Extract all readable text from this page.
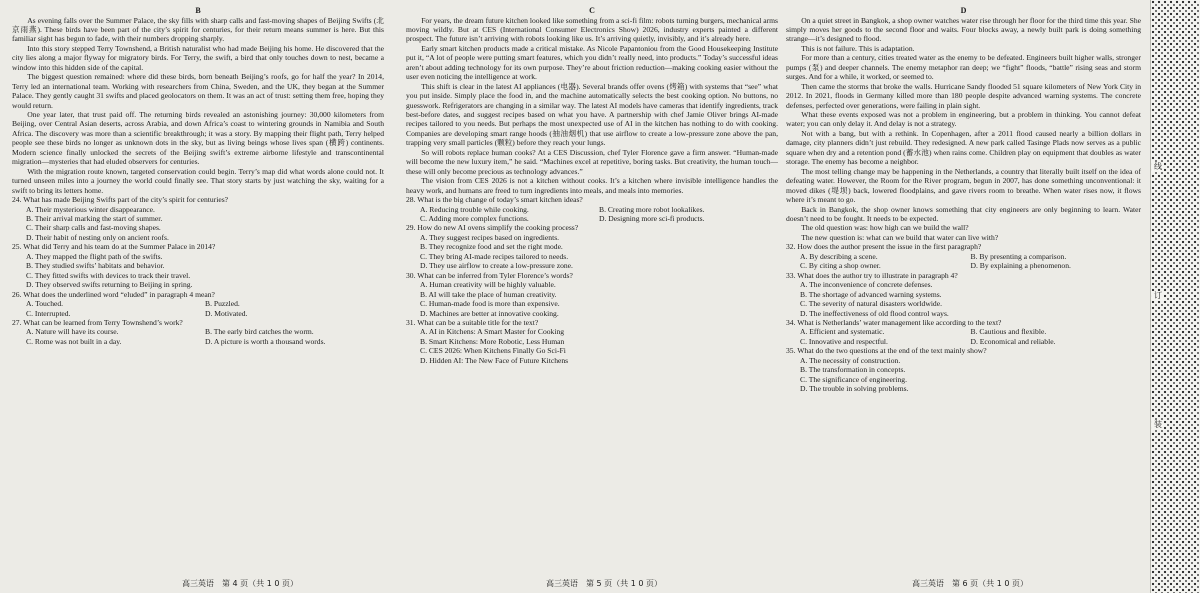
B

As evening falls over the Summer Palace, the sky fills with sharp calls and fast-moving shapes of Beijing Swifts (北京雨燕). These birds have been part of the city’s spirit for centuries, for their return means summer is here. But this familiar sight has begun to fade, with their numbers dropping sharply.

Into this story stepped Terry Townshend, a British naturalist who had made Beijing his home. He discovered that the city lies along a major flyway for migratory birds. For Terry, the swift, a bird that only touches down to nest, became a window into this hidden side of the capital.

The biggest question remained: where did these birds, born beneath Beijing’s roofs, go for half the year? In 2014, Terry led an international team. Working with researchers from China, Sweden, and the UK, they began at the Summer Palace. They gently caught 31 swifts and placed geolocators on them. It was an act of trust: setting them free, hoping they would return.

One year later, that trust paid off. The returning birds revealed an astonishing journey: 30,000 kilometers from Beijing, over Central Asian deserts, across Arabia, and down Africa’s coast to wintering grounds in Namibia and South Africa. The discovery was more than a scientific breakthrough; it was a story. By mapping their flight path, Terry helped people see these birds no longer as unknown dots in the sky, but as living beings whose lives span (横跨) continents. Modern science finally unlocked the secrets of the Beijing swift’s extreme airborne lifestyle and transcontinental migration—mysteries that had eluded observers for centuries.

With the migration route known, targeted conservation could begin. Terry’s map did what words alone could not. It turned unseen miles into a journey the world could finally see. That story starts by just watching the sky, waiting for a swift to bring its letters home.

24. What has made Beijing Swifts part of the city’s spirit for centuries?
A. Their mysterious winter disappearance.
B. Their arrival marking the start of summer.
C. Their sharp calls and fast-moving shapes.
D. Their habit of nesting only on ancient roofs.
25. What did Terry and his team do at the Summer Palace in 2014?
A. They mapped the flight path of the swifts.
B. They studied swifts’ habitats and behavior.
C. They fitted swifts with devices to track their travel.
D. They observed swifts returning to Beijing in spring.
26. What does the underlined word “eluded” in paragraph 4 mean?
A. Touched.	B. Puzzled.
C. Interrupted.	D. Motivated.
27. What can be learned from Terry Townshend’s work?
A. Nature will have its course.	B. The early bird catches the worm.
C. Rome was not built in a day.	D. A picture is worth a thousand words.
C

For years, the dream future kitchen looked like something from a sci-fi film: robots turning burgers, mechanical arms moving wildly. But at CES (International Consumer Electronics Show) 2026, industry experts painted a different prospect. The future isn’t arriving with robots looking like us. It’s arriving quietly, invisibly, and it’s already here.

Early smart kitchen products made a critical mistake. As Nicole Papantoniou from the Good Housekeeping Institute put it, “A lot of people were putting smart features, which you didn’t really need, into products.” Today’s successful ideas aren’t about adding technology for its own purpose. They’re about friction reduction—making cooking easier without the user even noticing the intelligence at work.

This shift is clear in the latest AI appliances (电器). Several brands offer ovens (烤箱) with systems that “see” what you put inside. Simply place the food in, and the machine automatically selects the best cooking option. No buttons, no guesswork. Refrigerators are changing in a similar way. The latest AI models have cameras that identify ingredients, track best-before dates, and suggest recipes based on what you have. A partnership with chef Jamie Oliver brings AI-made recipes tailored to you needs. But perhaps the most unexpected use of AI in the kitchen has nothing to do with cooking. Companies are developing smart range hoods (抽油烟机) that use airflow to create a low-pressure zone above the pan, trapping very small particles (颗粒) before they reach your lungs.

So will robots replace human cooks? At a CES Discussion, chef Tyler Florence gave a firm answer. “Human-made will become the new luxury item,” he said. “Machines excel at repetitive, boring tasks. But creativity, the human touch—these will only become precious as technology advances.”

The vision from CES 2026 is not a kitchen without cooks. It’s a kitchen where invisible intelligence handles the heavy work, and humans are freed to turn ingredients into meals, and meals into memories.

28. What is the big change of today’s smart kitchen ideas?
A. Reducing trouble while cooking.	B. Creating more robot lookalikes.
C. Adding more complex functions.	D. Designing more sci-fi products.
29. How do new AI ovens simplify the cooking process?
A. They suggest recipes based on ingredients.
B. They recognize food and set the right mode.
C. They bring AI-made recipes tailored to needs.
D. They use airflow to create a low-pressure zone.
30. What can be inferred from Tyler Florence’s words?
A. Human creativity will be highly valuable.
B. AI will take the place of human creativity.
C. Human-made food is more than expensive.
D. Machines are better at innovative cooking.
31. What can be a suitable title for the text?
A. AI in Kitchens: A Smart Master for Cooking
B. Smart Kitchens: More Robotic, Less Human
C. CES 2026: When Kitchens Finally Go Sci-Fi
D. Hidden AI: The New Face of Future Kitchens
D

On a quiet street in Bangkok, a shop owner watches water rise through her floor for the third time this year. She simply moves her goods to the second floor and waits. Four blocks away, a newly built park is doing something strange—it’s designed to flood.

This is not failure. This is adaptation.

For more than a century, cities treated water as the enemy to be defeated. Engineers built higher walls, stronger pumps (泵) and deeper channels. The enemy metaphor ran deep; we “fight” floods, “battle” rising seas and storm surges. And for a while, it worked, or seemed to.

Then came the storms that broke the walls. Hurricane Sandy flooded 51 square kilometers of New York City in 2012. In 2021, floods in Germany killed more than 180 people despite advanced warning systems. The concrete defenses, perfected over generations, were failing in plain sight.

What these events exposed was not a problem in engineering, but a problem in thinking. You cannot defeat water; you can only delay it. And delay is not a strategy.

Not with a bang, but with a rethink. In Copenhagen, after a 2011 flood caused nearly a billion dollars in damage, city planners didn’t just rebuild. They redesigned. A new park called Tasinge Plads now serves as a public square when dry and a retention pond (蓄水池) when rains come. Children play on equipment that doubles as water storage. The enemy has become a neighbor.

The most telling change may be happening in the Netherlands, a country that literally built itself on the idea of defeating water. However, the Room for the River program, begun in 2007, has done something unconventional: it moved dikes (堤坝) back, lowered floodplains, and gave rivers room to breathe. When water rises now, it flows where it’s meant to go.

Back in Bangkok, the shop owner knows something that city engineers are only beginning to learn. Water doesn’t need to be fought. It needs to be expected.

The old question was: how high can we build the wall?

The new question is: what can we build that water can live with?

32. How does the author present the issue in the first paragraph?
A. By describing a scene.	B. By presenting a comparison.
C. By citing a shop owner.	D. By explaining a phenomenon.
33. What does the author try to illustrate in paragraph 4?
A. The inconvenience of concrete defenses.
B. The shortage of advanced warning systems.
C. The severity of natural disasters worldwide.
D. The ineffectiveness of old flood control ways.
34. What is Netherlands’ water management like according to the text?
A. Efficient and systematic.	B. Cautious and flexible.
C. Innovative and respectful.	D. Economical and reliable.
35. What do the two questions at the end of the text mainly show?
A. The necessity of construction.
B. The transformation in concepts.
C. The significance of engineering.
D. The trouble in solving problems.
高三英语　第 4 页（共 1 0 页）	高三英语　第 5 页（共 1 0 页）	高三英语　第 6 页（共 1 0 页）
线
订
装
